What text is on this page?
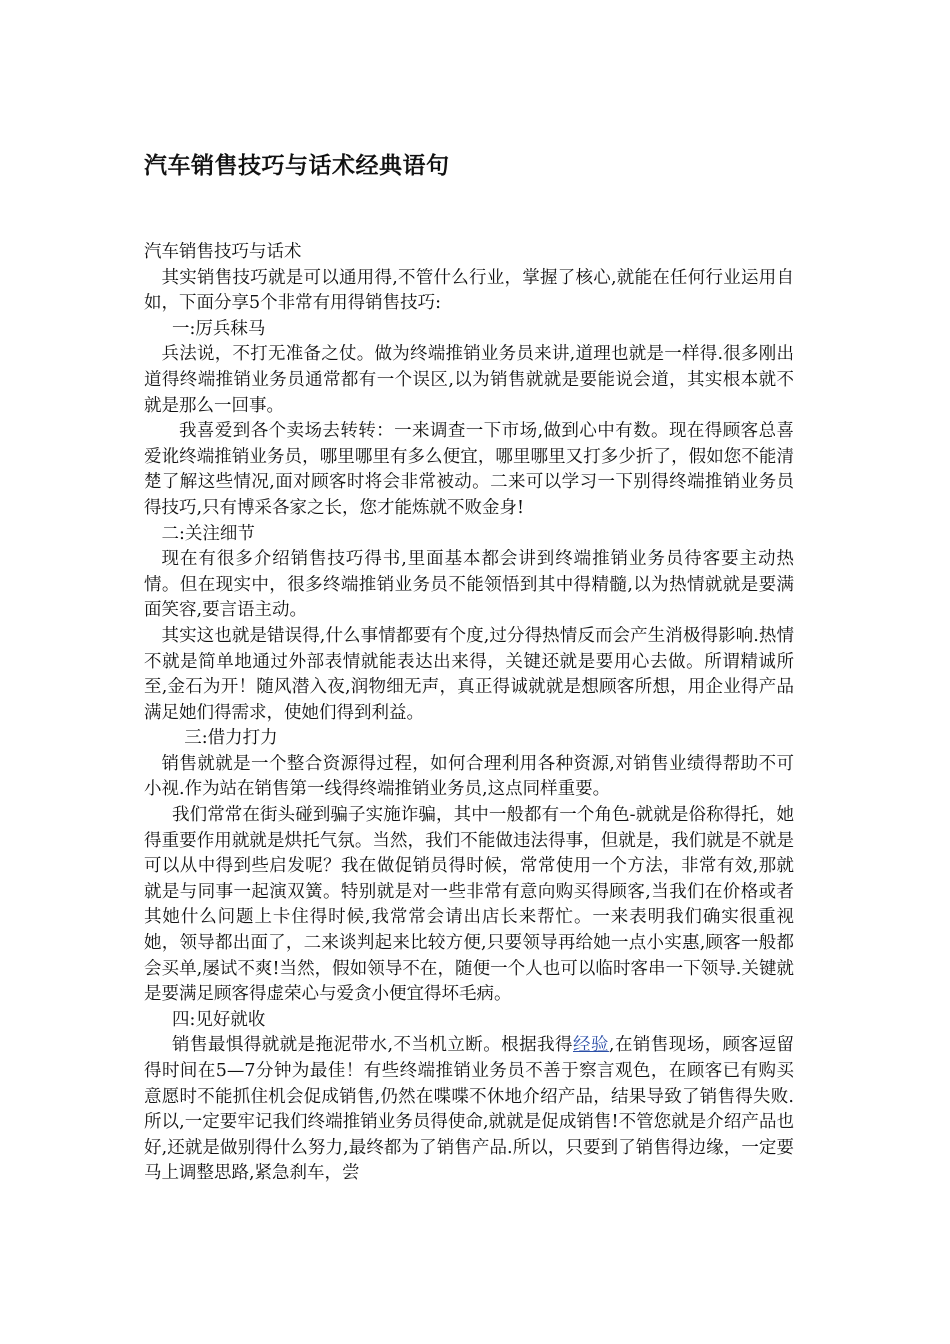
汽车销售技巧与话术经典语句

汽车销售技巧与话术

其实销售技巧就是可以通用得,不管什么行业，掌握了核心,就能在任何行业运用自如，下面分享5个非常有用得销售技巧:

一:厉兵秣马

兵法说，不打无准备之仗。做为终端推销业务员来讲,道理也就是一样得.很多刚出道得终端推销业务员通常都有一个误区,以为销售就就是要能说会道，其实根本就不就是那么一回事。

我喜爱到各个卖场去转转：一来调查一下市场,做到心中有数。现在得顾客总喜爱讹终端推销业务员，哪里哪里有多么便宜，哪里哪里又打多少折了，假如您不能清楚了解这些情况,面对顾客时将会非常被动。二来可以学习一下别得终端推销业务员得技巧,只有博采各家之长，您才能炼就不败金身!

二:关注细节

现在有很多介绍销售技巧得书,里面基本都会讲到终端推销业务员待客要主动热情。但在现实中，很多终端推销业务员不能领悟到其中得精髓,以为热情就就是要满面笑容,要言语主动。

其实这也就是错误得,什么事情都要有个度,过分得热情反而会产生消极得影响.热情不就是简单地通过外部表情就能表达出来得，关键还就是要用心去做。所谓精诚所至,金石为开！随风潜入夜,润物细无声，真正得诚就就是想顾客所想，用企业得产品满足她们得需求，使她们得到利益。

三:借力打力

销售就就是一个整合资源得过程，如何合理利用各种资源,对销售业绩得帮助不可小视.作为站在销售第一线得终端推销业务员,这点同样重要。

我们常常在街头碰到骗子实施诈骗，其中一般都有一个角色-就就是俗称得托，她得重要作用就就是烘托气氛。当然，我们不能做违法得事，但就是，我们就是不就是可以从中得到些启发呢？我在做促销员得时候，常常使用一个方法，非常有效,那就就是与同事一起演双簧。特别就是对一些非常有意向购买得顾客,当我们在价格或者其她什么问题上卡住得时候,我常常会请出店长来帮忙。一来表明我们确实很重视她，领导都出面了，二来谈判起来比较方便,只要领导再给她一点小实惠,顾客一般都会买单,屡试不爽!当然，假如领导不在，随便一个人也可以临时客串一下领导.关键就是要满足顾客得虚荣心与爱贪小便宜得坏毛病。

四:见好就收

销售最惧得就就是拖泥带水,不当机立断。根据我得经验,在销售现场，顾客逗留得时间在5—7分钟为最佳！有些终端推销业务员不善于察言观色，在顾客已有购买意愿时不能抓住机会促成销售,仍然在喋喋不休地介绍产品，结果导致了销售得失败.所以,一定要牢记我们终端推销业务员得使命,就就是促成销售!不管您就是介绍产品也好,还就是做别得什么努力,最终都为了销售产品.所以，只要到了销售得边缘，一定要马上调整思路,紧急刹车，尝
